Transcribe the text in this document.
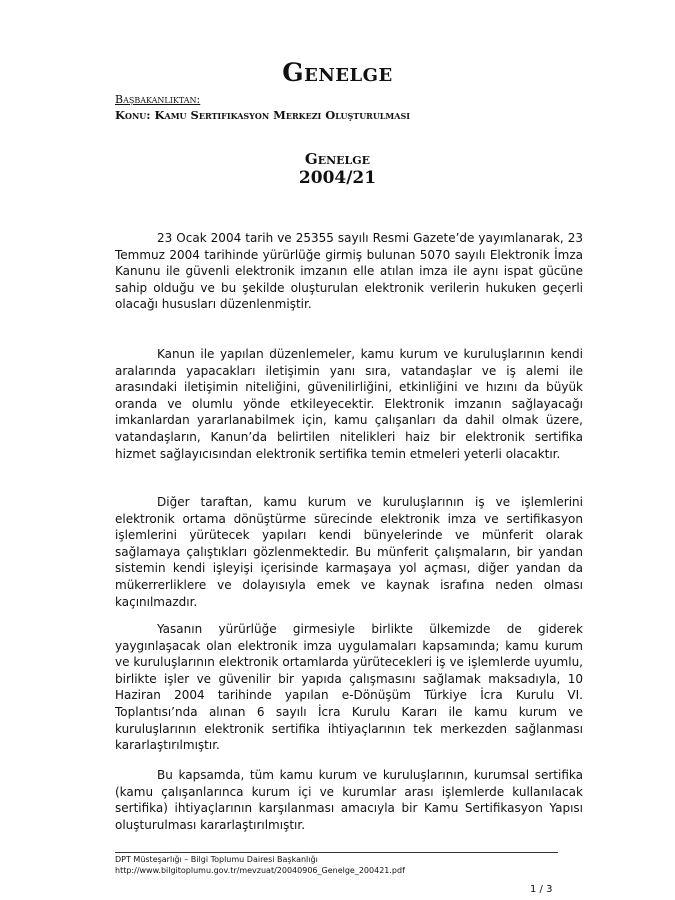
Genelge
Başbakanlıktan:
Konu: Kamu Sertifikasyon Merkezi Oluşturulması
Genelge
2004/21

23 Ocak 2004 tarih ve 25355 sayılı Resmi Gazete’de yayımlanarak, 23 Temmuz 2004 tarihinde yürürlüğe girmiş bulunan 5070 sayılı Elektronik İmza Kanunu ile güvenli elektronik imzanın elle atılan imza ile aynı ispat gücüne sahip olduğu ve bu şekilde oluşturulan elektronik verilerin hukuken geçerli olacağı hususları düzenlenmiştir.

Kanun ile yapılan düzenlemeler, kamu kurum ve kuruluşlarının kendi aralarında yapacakları iletişimin yanı sıra, vatandaşlar ve iş alemi ile arasındaki iletişimin niteliğini, güvenilirliğini, etkinliğini ve hızını da büyük oranda ve olumlu yönde etkileyecektir. Elektronik imzanın sağlayacağı imkanlardan yararlanabilmek için, kamu çalışanları da dahil olmak üzere, vatandaşların, Kanun’da belirtilen nitelikleri haiz bir elektronik sertifika hizmet sağlayıcısından elektronik sertifika temin etmeleri yeterli olacaktır.

Diğer taraftan, kamu kurum ve kuruluşlarının iş ve işlemlerini elektronik ortama dönüştürme sürecinde elektronik imza ve sertifikasyon işlemlerini yürütecek yapıları kendi bünyelerinde ve münferit olarak sağlamaya çalıştıkları gözlenmektedir. Bu münferit çalışmaların, bir yandan sistemin kendi işleyişi içerisinde karmaşaya yol açması, diğer yandan da mükerrerliklere ve dolayısıyla emek ve kaynak israfına neden olması kaçınılmazdır.

Yasanın yürürlüğe girmesiyle birlikte ülkemizde de giderek yaygınlaşacak olan elektronik imza uygulamaları kapsamında; kamu kurum ve kuruluşlarının elektronik ortamlarda yürütecekleri iş ve işlemlerde uyumlu, birlikte işler ve güvenilir bir yapıda çalışmasını sağlamak maksadıyla, 10 Haziran 2004 tarihinde yapılan e-Dönüşüm Türkiye İcra Kurulu VI. Toplantısı’nda alınan 6 sayılı İcra Kurulu Kararı ile kamu kurum ve kuruluşlarının elektronik sertifika ihtiyaçlarının tek merkezden sağlanması kararlaştırılmıştır.

Bu kapsamda, tüm kamu kurum ve kuruluşlarının, kurumsal sertifika (kamu çalışanlarınca kurum içi ve kurumlar arası işlemlerde kullanılacak sertifika) ihtiyaçlarının karşılanması amacıyla bir Kamu Sertifikasyon Yapısı oluşturulması kararlaştırılmıştır.

DPT Müsteşarlığı – Bilgi Toplumu Dairesi Başkanlığı
http://www.bilgitoplumu.gov.tr/mevzuat/20040906_Genelge_200421.pdf
1 / 3
